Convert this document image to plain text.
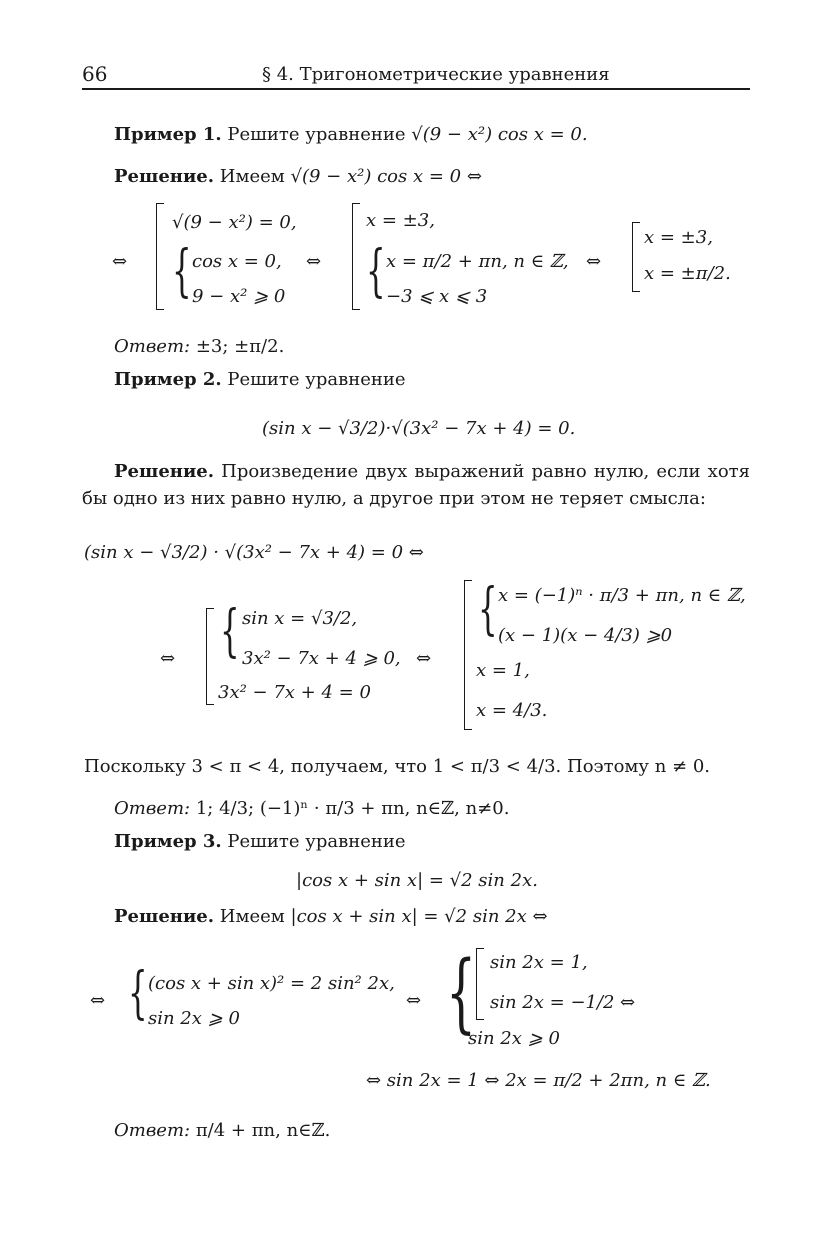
66	§ 4. Тригонометрические уравнения
Пример 1. Решите уравнение √(9 − x²) cos x = 0.
Решение. Имеем √(9 − x²) cos x = 0 ⇔
⇔
√(9 − x²) = 0,
{ cos x = 0,
9 − x² ⩾ 0
⇔
x = ±3,
{ x = π/2 + πn, n ∈ ℤ,
−3 ⩽ x ⩽ 3
⇔
x = ±3,
x = ±π/2.
Ответ: ±3; ±π/2.
Пример 2. Решите уравнение
(sin x − √3/2)·√(3x² − 7x + 4) = 0.
Решение. Произведение двух выражений равно нулю, если хотя бы одно из них равно нулю, а другое при этом не теряет смысла:
(sin x − √3/2) · √(3x² − 7x + 4) = 0 ⇔
⇔ { sin x = √3/2,
3x² − 7x + 4 ⩾ 0,
3x² − 7x + 4 = 0
⇔
{ x = (−1)ⁿ · π/3 + πn, n ∈ ℤ,
(x − 1)(x − 4/3) ⩾0
x = 1,
x = 4/3.
Поскольку 3 < π < 4, получаем, что 1 < π/3 < 4/3. Поэтому n ≠ 0.
Ответ: 1; 4/3; (−1)ⁿ · π/3 + πn, n∈ℤ, n≠0.
Пример 3. Решите уравнение
|cos x + sin x| = √2 sin 2x.
Решение. Имеем |cos x + sin x| = √2 sin 2x ⇔
⇔ { (cos x + sin x)² = 2 sin² 2x,
sin 2x ⩾ 0
⇔ { sin 2x = 1,
sin 2x = −1/2 ⇔
sin 2x ⩾ 0
⇔ sin 2x = 1 ⇔ 2x = π/2 + 2πn, n ∈ ℤ.
Ответ: π/4 + πn, n∈ℤ.
